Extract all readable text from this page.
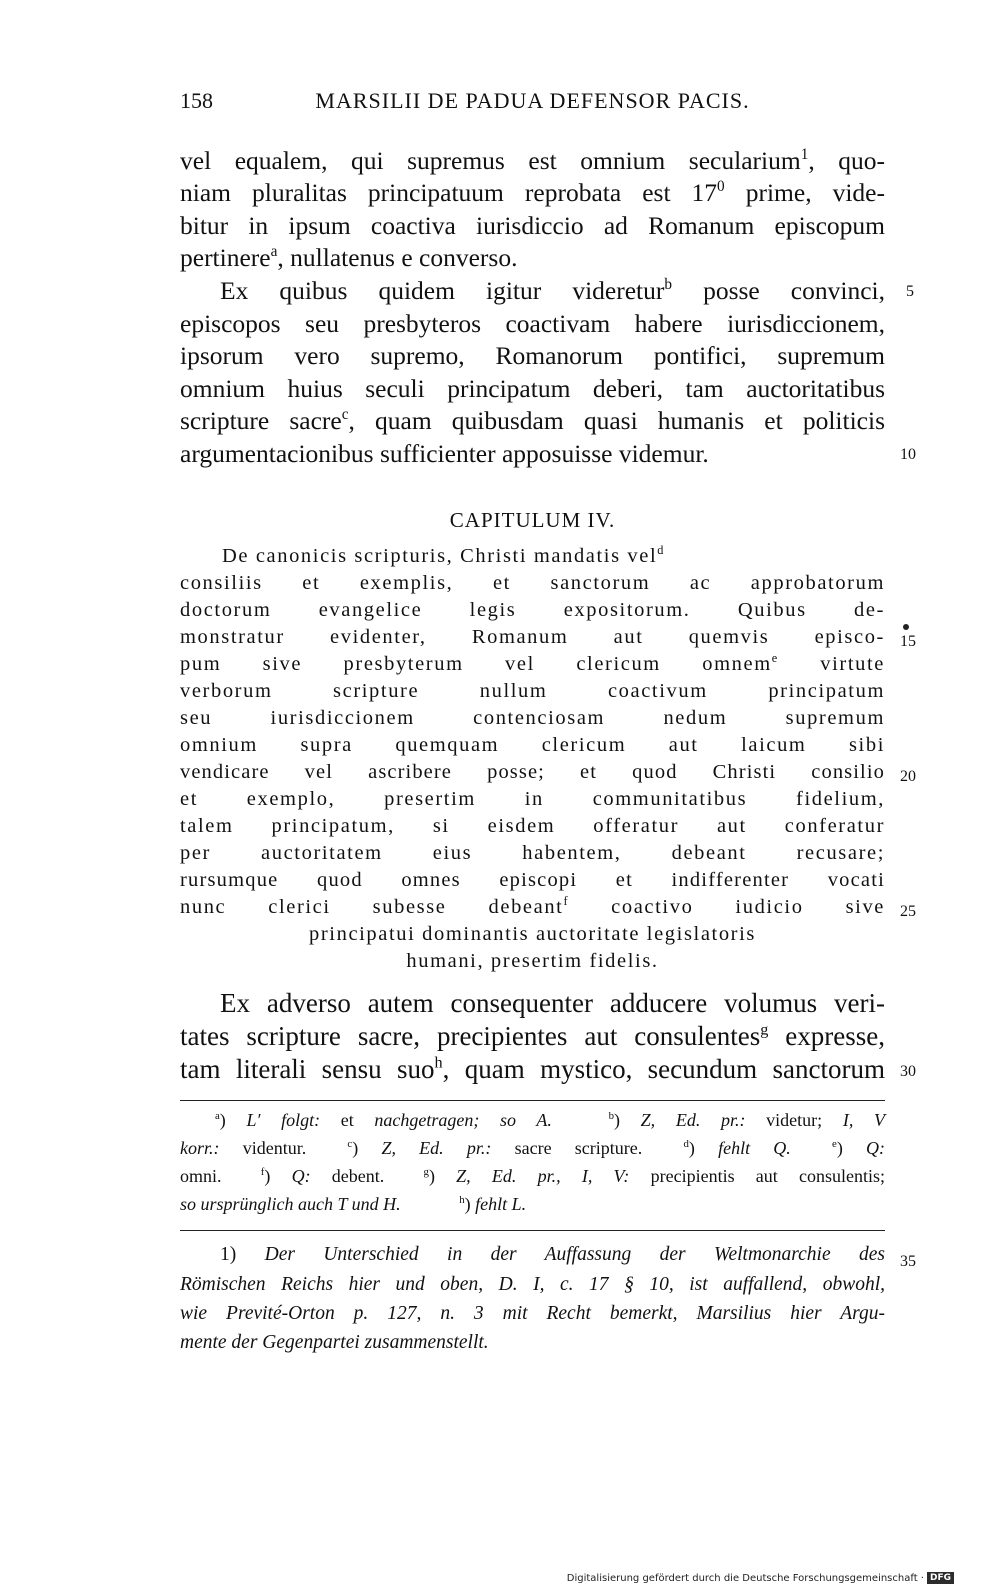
158	MARSILII DE PADUA DEFENSOR PACIS.
vel equalem, qui supremus est omnium secularium$^1$, quo-
niam pluralitas principatuum reprobata est $17^0$ prime, vide-
bitur in ipsum coactiva iurisdiccio ad Romanum episcopum
pertinere$^a$, nullatenus e converso.
Ex quibus quidem igitur videretur$^b$ posse convinci,
episcopos seu presbyteros coactivam habere iurisdiccionem,
ipsorum vero supremo, Romanorum pontifici, supremum
omnium huius seculi principatum deberi, tam auctoritatibus
scripture sacre$^c$, quam quibusdam quasi humanis et politicis
argumentacionibus sufficienter apposuisse videmur.
CAPITULUM IV.
De canonicis scripturis, Christi mandatis vel$^d$
consiliis et exemplis, et sanctorum ac approbatorum
doctorum evangelice legis expositorum. Quibus de-
monstratur evidenter, Romanum aut quemvis episco-
pum sive presbyterum vel clericum omnem$^e$ virtute
verborum scripture nullum coactivum principatum
seu iurisdiccionem contenciosam nedum supremum
omnium supra quemquam clericum aut laicum sibi
vendicare vel ascribere posse; et quod Christi consilio
et exemplo, presertim in communitatibus fidelium,
talem principatum, si eisdem offeratur aut conferatur
per auctoritatem eius habentem, debeant recusare;
rursumque quod omnes episcopi et indifferenter vocati
nunc clerici subesse debeant$^f$ coactivo iudicio sive
principatui dominantis auctoritate legislatoris
humani, presertim fidelis.
Ex adverso autem consequenter adducere volumus veri-
tates scripture sacre, precipientes aut consulentes$^g$ expresse,
tam literali sensu suo$^h$, quam mystico, secundum sanctorum
5
10
15
20
25
30
35
$^a$) L′ folgt: et nachgetragen; so A.  	$^b$) Z, Ed. pr.: videtur; I, V
korr.: videntur. 	$^c$) Z, Ed. pr.: sacre scripture. 	$^d$) fehlt Q. 	$^e$) Q:
omni. 	$^f$) Q: debent. 	$^g$) Z, Ed. pr., I, V: precipientis aut consulentis;
so ursprünglich auch T und H.   	$^h$) fehlt L.
1) Der Unterschied in der Auffassung der Weltmonarchie des
Römischen Reichs hier und oben, D. I, c. 17 § 10, ist auffallend, obwohl,
wie Previté-Orton p. 127, n. 3 mit Recht bemerkt, Marsilius hier Argu-
mente der Gegenpartei zusammenstellt.
Digitalisierung gefördert durch die Deutsche Forschungsgemeinschaft · DFG
